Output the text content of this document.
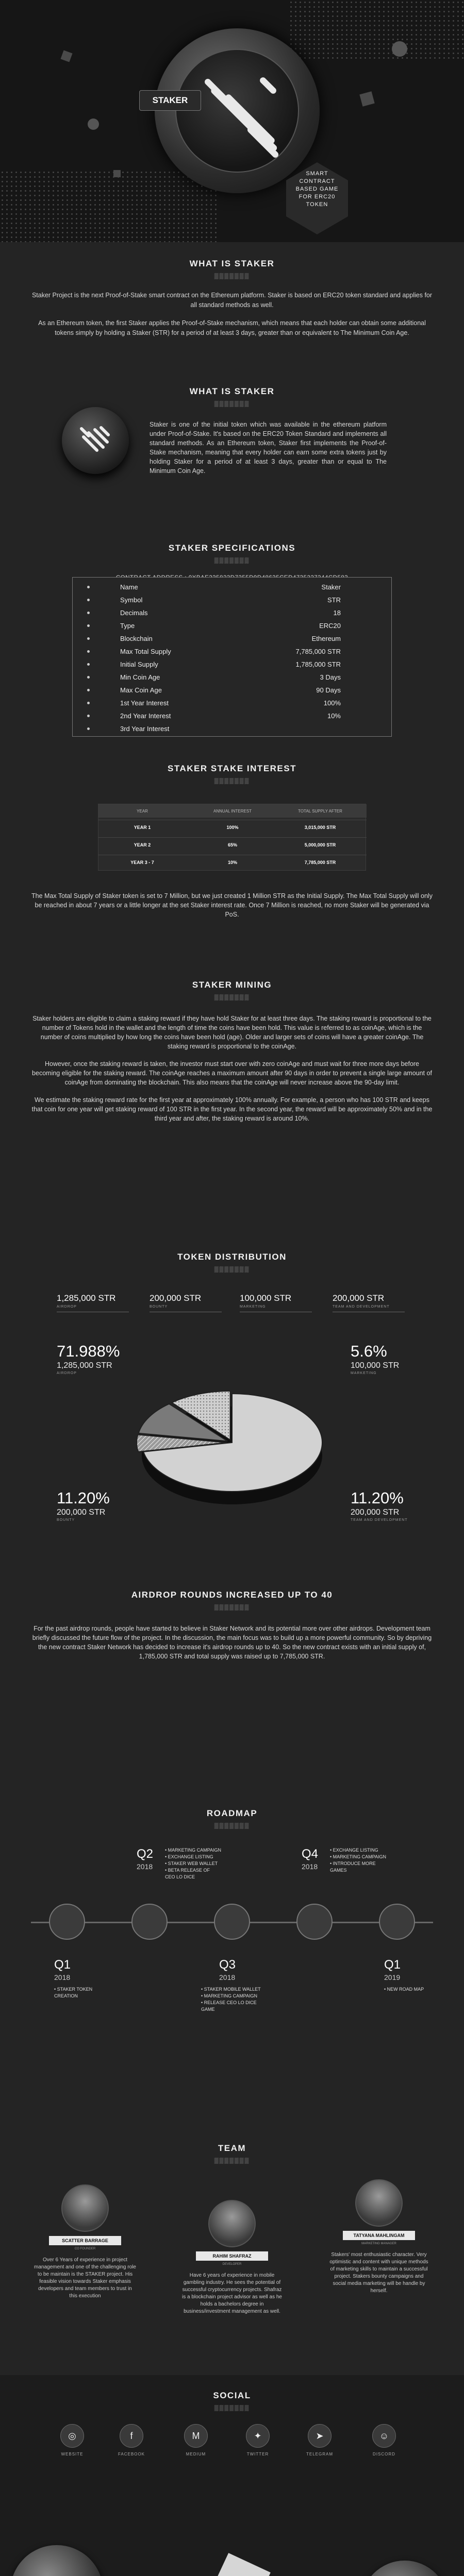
STAKER
SMART
CONTRACT
BASED GAME
FOR ERC20
TOKEN
WHAT IS STAKER
▒▒▒▒▒▒▒
Staker Project is the next Proof-of-Stake smart contract on the Ethereum platform. Staker is based on ERC20 token standard and applies for all standard methods as well.
As an Ethereum token, the first Staker applies the Proof-of-Stake mechanism, which means that each holder can obtain some additional tokens simply by holding a Staker (STR) for a period of at least 3 days, greater than or equivalent to The Minimum Coin Age.
WHAT IS STAKER
▒▒▒▒▒▒▒
Staker is one of the initial token which was available in the ethereum platform under Proof-of-Stake. It's based on the ERC20 Token Standard and implements all standard methods. As an Ethereum token, Staker first implements the Proof-of-Stake mechanism, meaning that every holder can earn some extra tokens just by holding Staker for a period of at least 3 days, greater than or equal to The Minimum Coin Age.
STAKER SPECIFICATIONS
▒▒▒▒▒▒▒
Name	Staker
Symbol	STR
Decimals	18
Type	ERC20
Blockchain	Ethereum
Max Total Supply	7,785,000 STR
Initial Supply	1,785,000 STR
Min Coin Age	3 Days
Max Coin Age	90 Days
1st Year Interest	100%
2nd Year Interest	10%
3rd Year Interest
STAKER STAKE INTEREST
▒▒▒▒▒▒▒
YEAR	ANNUAL INTEREST	TOTAL SUPPLY AFTER
YEAR 1	100%	3,015,000 STR
YEAR 2	65%	5,000,000 STR
YEAR 3 - 7	10%	7,785,000 STR
The Max Total Supply of Staker token is set to 7 Million, but we just created 1 Million STR as the Initial Supply. The Max Total Supply will only be reached in about 7 years or a little longer at the set Staker interest rate. Once 7 Million is reached, no more Staker will be generated via PoS.
STAKER MINING
▒▒▒▒▒▒▒
Staker holders are eligible to claim a staking reward if they have hold Staker for at least three days. The staking reward is proportional to the number of Tokens hold in the wallet and the length of time the coins have been hold. This value is referred to as coinAge, which is the number of coins multiplied by how long the coins have been hold (age). Older and larger sets of coins will have a greater coinAge. The staking reward is proportional to the coinAge.
However, once the staking reward is taken, the investor must start over with zero coinAge and must wait for three more days before becoming eligible for the staking reward. The coinAge reaches a maximum amount after 90 days in order to prevent a single large amount of coinAge from dominating the blockchain. This also means that the coinAge will never increase above the 90-day limit.
We estimate the staking reward rate for the first year at approximately 100% annually. For example, a person who has 100 STR and keeps that coin for one year will get staking reward of 100 STR in the first year. In the second year, the reward will be approximately 50% and in the third year and after, the staking reward is around 10%.
TOKEN DISTRIBUTION
▒▒▒▒▒▒▒
1,285,000 STR
AIRDROP
200,000 STR
BOUNTY
100,000 STR
MARKETING
200,000 STR
TEAM AND DEVELOPMENT
71.988%
1,285,000 STR
AIRDROP
5.6%
100,000 STR
MARKETING
11.20%
200,000 STR
BOUNTY
11.20%
200,000 STR
TEAM AND DEVELOPMENT
AIRDROP ROUNDS INCREASED UP TO 40
▒▒▒▒▒▒▒
For the past airdrop rounds, people have started to believe in Staker Network and its potential more over other airdrops. Development team briefly discussed the future flow of the project. In the discussion, the main focus was to build up a more powerful community. So by depriving the new contract Staker Network has decided to increase it's airdrop rounds up to 40. So the new contract exists with an initial supply of, 1,785,000 STR and total supply was raised up to 7,785,000 STR.
ROADMAP
▒▒▒▒▒▒▒
Q2
2018
• MARKETING CAMPAIGN
• EXCHANGE LISTING
• STAKER WEB WALLET
• BETA RELEASE OF
CEO LO DICE
Q4
2018
• EXCHANGE LISTING
• MARKETING CAMPAIGN
• INTRODUCE MORE
GAMES
Q1
2018
• STAKER TOKEN
CREATION
Q3
2018
• STAKER MOBILE WALLET
• MARKETING CAMPAIGN
• RELEASE CEO LO DICE
GAME
Q1
2019
• NEW ROAD MAP
TEAM
▒▒▒▒▒▒▒
SCATTER BARRAGE
CO FOUNDER
Over 6 Years of experience in project management and one of the challenging role to be maintain is the STAKER project. His feasible vision towards Staker emphasis developers and team members to trust in this execution
RAHIM SHAFRAZ
DEVELOPER
Have 6 years of experience in mobile gambling industry. He sees the potential of successful cryptocurrency projects. Shafraz is a blockchain project advisor as well as he holds a bachelors degree in business/investment management as well.
TATYANA MAHLINGAM
MARKETING MANAGER
Stakers' most enthusiastic character. Very optimistic and content with unique methods of marketing skills to maintain a successful project. Stakers bounty campaigns and social media marketing will be handle by herself.
SOCIAL
▒▒▒▒▒▒▒
◎
WEBSITE
f
FACEBOOK
M
MEDIUM
✦
TWITTER
➤
TELEGRAM
☺
DISCORD
